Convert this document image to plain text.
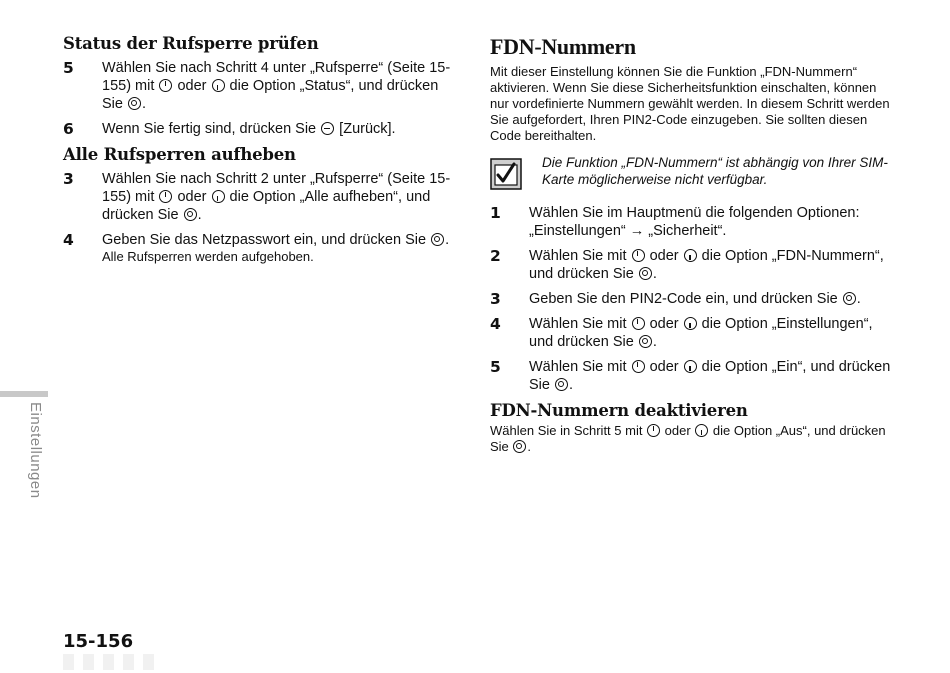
Status der Rufsperre prüfen
5 Wählen Sie nach Schritt 4 unter „Rufsperre“ (Seite 15-155) mit  oder  die Option „Status“, und drücken Sie .
6 Wenn Sie fertig sind, drücken Sie  [Zurück].
Alle Rufsperren aufheben
3 Wählen Sie nach Schritt 2 unter „Rufsperre“ (Seite 15-155) mit  oder  die Option „Alle aufheben“, und drücken Sie .
4 Geben Sie das Netzpasswort ein, und drücken Sie .
Alle Rufsperren werden aufgehoben.
FDN-Nummern
Mit dieser Einstellung können Sie die Funktion „FDN-Nummern“ aktivieren. Wenn Sie diese Sicherheitsfunktion einschalten, können nur vordefinierte Nummern gewählt werden. In diesem Schritt werden Sie aufgefordert, Ihren PIN2-Code einzugeben. Sie sollten diesen Code bereithalten.
Die Funktion „FDN-Nummern“ ist abhängig von Ihrer SIM-Karte möglicherweise nicht verfügbar.
1 Wählen Sie im Hauptmenü die folgenden Optionen: „Einstellungen“ → „Sicherheit“.
2 Wählen Sie mit  oder  die Option „FDN-Nummern“, und drücken Sie .
3 Geben Sie den PIN2-Code ein, und drücken Sie .
4 Wählen Sie mit  oder  die Option „Einstellungen“, und drücken Sie .
5 Wählen Sie mit  oder  die Option „Ein“, und drücken Sie .
FDN-Nummern deaktivieren
Wählen Sie in Schritt 5 mit  oder  die Option „Aus“, und drücken Sie .
Einstellungen
15-156
